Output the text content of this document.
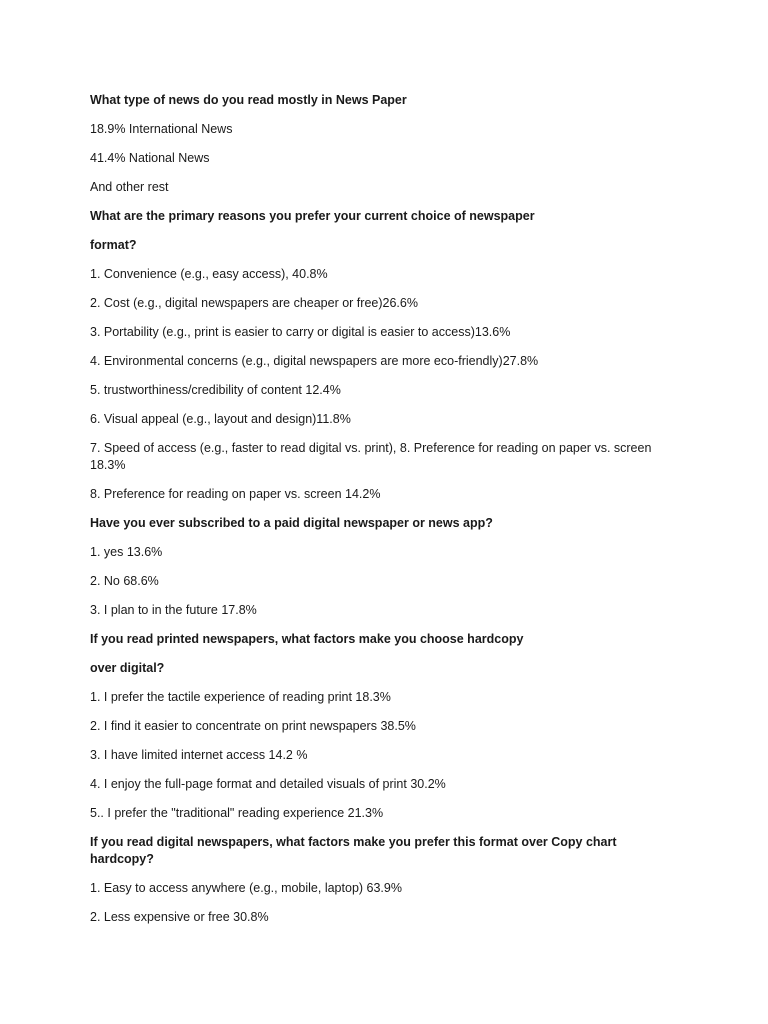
What type of news do you read mostly in News Paper

18.9% International News

41.4% National News

And other rest

What are the primary reasons you prefer your current choice of newspaper

format?

1. Convenience (e.g., easy access), 40.8%

2. Cost (e.g., digital newspapers are cheaper or free)26.6%

3. Portability (e.g., print is easier to carry or digital is easier to access)13.6%

4. Environmental concerns (e.g., digital newspapers are more eco-friendly)27.8%

5. trustworthiness/credibility of content 12.4%

6. Visual appeal (e.g., layout and design)11.8%

7. Speed of access (e.g., faster to read digital vs. print), 8. Preference for reading on paper vs. screen 18.3%

8. Preference for reading on paper vs. screen 14.2%

Have you ever subscribed to a paid digital newspaper or news app?

1. yes 13.6%

2. No 68.6%

3. I plan to in the future 17.8%

If you read printed newspapers, what factors make you choose hardcopy

over digital?

1. I prefer the tactile experience of reading print 18.3%

2. I find it easier to concentrate on print newspapers 38.5%

3. I have limited internet access 14.2 %

4. I enjoy the full-page format and detailed visuals of print 30.2%

5.. I prefer the "traditional" reading experience 21.3%

If you read digital newspapers, what factors make you prefer this format over Copy chart hardcopy?

1. Easy to access anywhere (e.g., mobile, laptop) 63.9%

2. Less expensive or free 30.8%
